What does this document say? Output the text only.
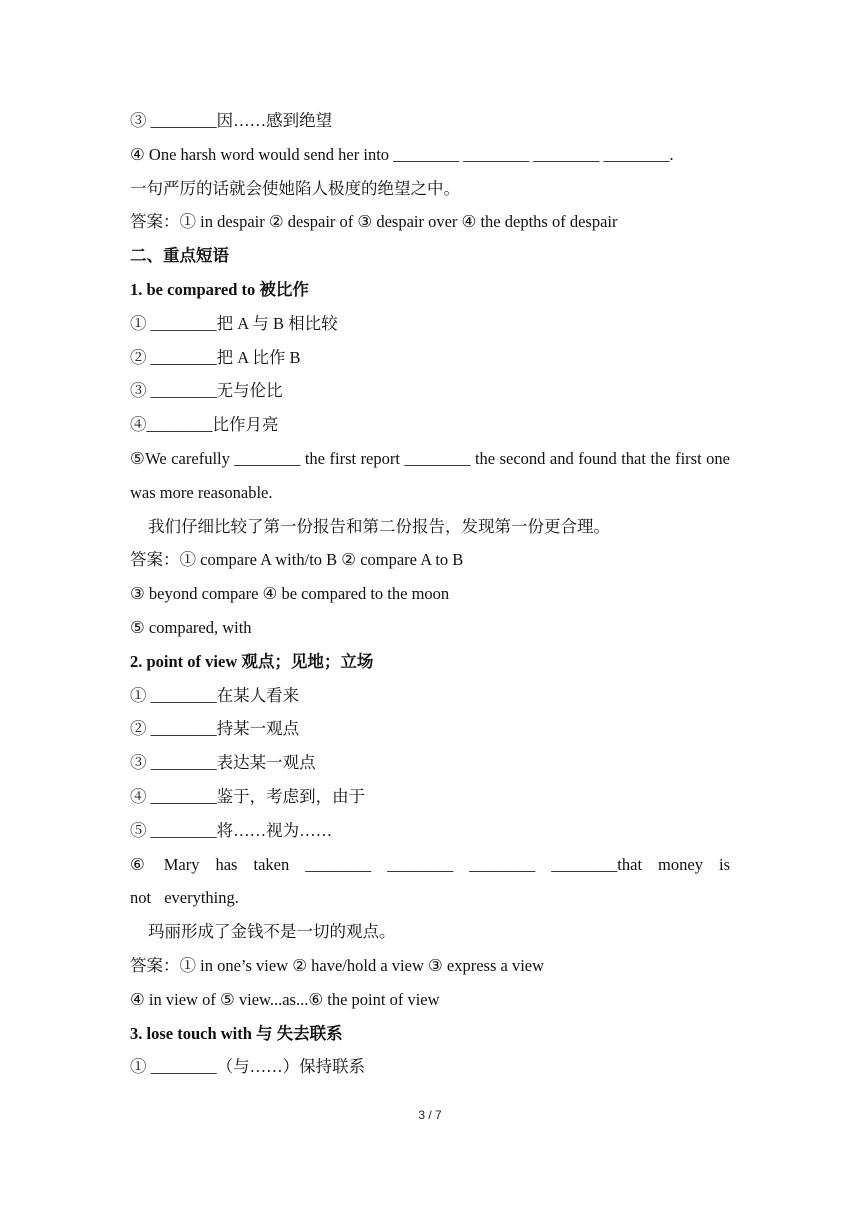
③ ________因……感到绝望
④ One harsh word would send her into ________ ________ ________ ________.
一句严厉的话就会使她陷人极度的绝望之中。
答案：① in despair ② despair of ③ despair over ④ the depths of despair
二、重点短语
1. be compared to 被比作
① ________把 A 与 B 相比较
② ________把 A 比作 B
③ ________无与伦比
④________比作月亮
⑤We carefully ________ the first report ________ the second and found that the first one was more reasonable.
我们仔细比较了第一份报告和第二份报告，发现第一份更合理。
答案：① compare A with/to B ② compare A to B
③ beyond compare ④ be compared to the moon
⑤ compared, with
2. point of view 观点；见地；立场
① ________在某人看来
② ________持某一观点
③ ________表达某一观点
④ ________鉴于，考虑到，由于
⑤ ________将……视为……
⑥ Mary has taken ________ ________ ________ ________that money is not everything.
玛丽形成了金钱不是一切的观点。
答案：① in one’s view ② have/hold a view ③ express a view
④ in view of ⑤ view...as...⑥ the point of view
3. lose touch with 与 失去联系
① ________（与……）保持联系
3 / 7
